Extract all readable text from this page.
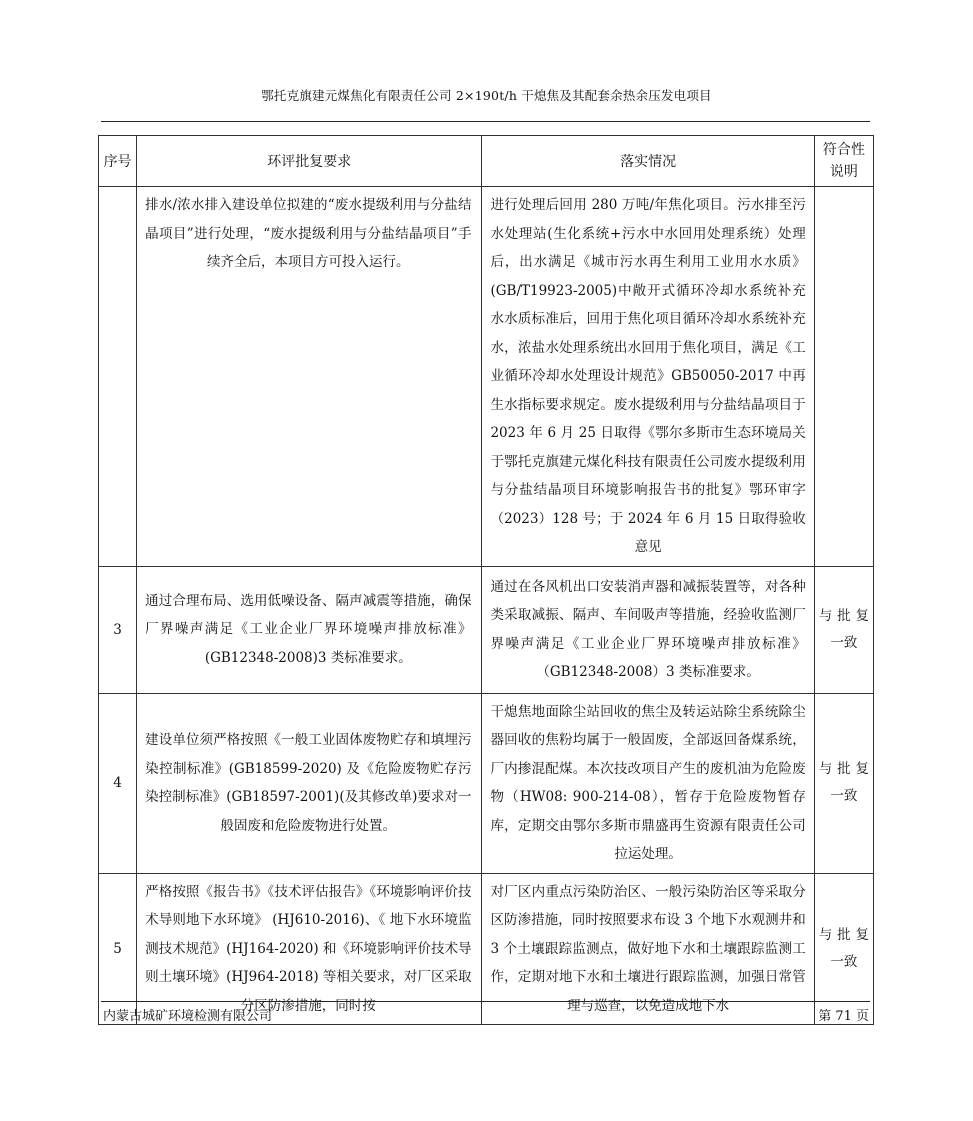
鄂托克旗建元煤焦化有限责任公司 2×190t/h 干熄焦及其配套余热余压发电项目
序号	环评批复要求	落实情况	符合性说明

	排水/浓水排入建设单位拟建的“废水提级利用与分盐结晶项目”进行处理，“废水提级利用与分盐结晶项目”手续齐全后，本项目方可投入运行。	进行处理后回用 280 万吨/年焦化项目。污水排至污水处理站(生化系统+污水中水回用处理系统）处理后，出水满足《城市污水再生利用工业用水水质》(GB/T19923-2005)中敞开式循环冷却水系统补充水水质标准后，回用于焦化项目循环冷却水系统补充水，浓盐水处理系统出水回用于焦化项目，满足《工业循环冷却水处理设计规范》GB50050-2017 中再生水指标要求规定。废水提级利用与分盐结晶项目于 2023 年 6 月 25 日取得《鄂尔多斯市生态环境局关于鄂托克旗建元煤化科技有限责任公司废水提级利用与分盐结晶项目环境影响报告书的批复》鄂环审字（2023）128 号；于 2024 年 6 月 15 日取得验收意见	

3	通过合理布局、选用低噪设备、隔声减震等措施，确保厂界噪声满足《工业企业厂界环境噪声排放标准》(GB12348-2008)3 类标准要求。	通过在各风机出口安装消声器和减振装置等，对各种类采取减振、隔声、车间吸声等措施，经验收监测厂界噪声满足《工业企业厂界环境噪声排放标准》（GB12348-2008）3 类标准要求。	与批复一致

4	建设单位须严格按照《一般工业固体废物贮存和填埋污染控制标准》(GB18599-2020) 及《危险废物贮存污染控制标准》(GB18597-2001)(及其修改单)要求对一般固废和危险废物进行处置。	干熄焦地面除尘站回收的焦尘及转运站除尘系统除尘器回收的焦粉均属于一般固废，全部返回备煤系统，厂内掺混配煤。本次技改项目产生的废机油为危险废物（HW08: 900-214-08），暂存于危险废物暂存库，定期交由鄂尔多斯市鼎盛再生资源有限责任公司拉运处理。	与批复一致

5	严格按照《报告书》《技术评估报告》《环境影响评价技术导则地下水环境》 (HJ610-2016)、《 地下水环境监测技术规范》(HJ164-2020) 和《环境影响评价技术导则土壤环境》(HJ964-2018) 等相关要求，对厂区采取分区防渗措施，同时按	对厂区内重点污染防治区、一般污染防治区等采取分区防渗措施，同时按照要求布设 3 个地下水观测井和 3 个土壤跟踪监测点，做好地下水和土壤跟踪监测工作，定期对地下水和土壤进行跟踪监测，加强日常管理与巡查，以免造成地下水	与批复一致
内蒙古城矿环境检测有限公司	第 71 页
